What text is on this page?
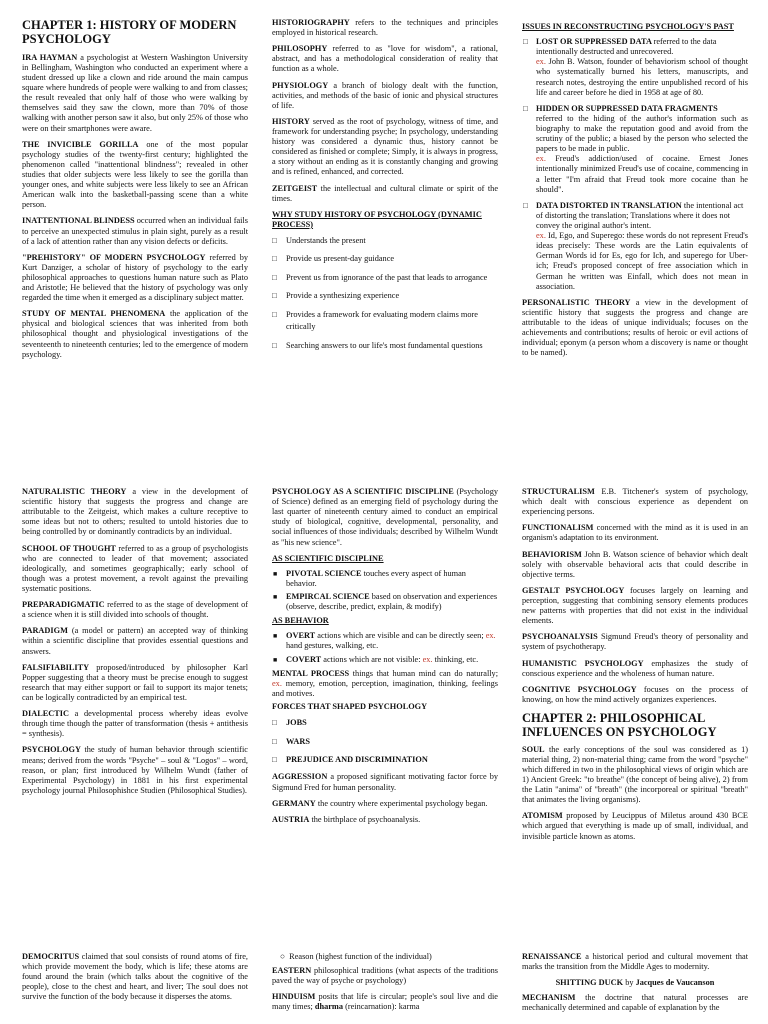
CHAPTER 1: HISTORY OF MODERN PSYCHOLOGY

IRA HAYMAN a psychologist at Western Washington University in Bellingham, Washington who conducted an experiment where a student dressed up like a clown and ride around the main campus square where hundreds of people were walking to and from classes; the result revealed that only half of those who were walking by themselves said they saw the clown, more than 70% of those walking with another person saw it also, but only 25% of those who were on their smartphones were aware.

THE INVICIBLE GORILLA one of the most popular psychology studies of the twenty-first century; highlighted the phenomenon called "inattentional blindness"; revealed in other studies that older subjects were less likely to see the gorilla than younger ones, and white subjects were less likely to see an African American walk into the basketball-passing scene than a white person.

INATTENTIONAL BLINDESS occurred when an individual fails to perceive an unexpected stimulus in plain sight, purely as a result of a lack of attention rather than any vision defects or deficits.

"PREHISTORY" OF MODERN PSYCHOLOGY referred by Kurt Danziger, a scholar of history of psychology to the early philosophical approaches to questions human nature such as Plato and Aristotle; He believed that the history of psychology was only regarded the time when it emerged as a disciplinary subject matter.

STUDY OF MENTAL PHENOMENA the application of the physical and biological sciences that was inherited from both philosophical thought and physiological investigations of the seventeenth to nineteenth centuries; led to the emergence of modern psychology.

HISTORIOGRAPHY refers to the techniques and principles employed in historical research.

PHILOSOPHY referred to as "love for wisdom", a rational, abstract, and has a methodological consideration of reality that function as a whole.

PHYSIOLOGY a branch of biology dealt with the function, activities, and methods of the basic of ionic and physical structures of life.

HISTORY served as the root of psychology, witness of time, and framework for understanding psyche; In psychology, understanding history was considered a dynamic thus, history cannot be considered as finished or complete; Simply, it is always in progress, a story without an ending as it is constantly changing and growing and is refined, enhanced, and corrected.

ZEITGEIST the intellectual and cultural climate or spirit of the times.

WHY STUDY HISTORY OF PSYCHOLOGY (DYNAMIC PROCESS)
□ Understands the present
□ Provide us present-day guidance
□ Prevent us from ignorance of the past that leads to arrogance
□ Provide a synthesizing experience
□ Provides a framework for evaluating modern claims more critically
□ Searching answers to our life's most fundamental questions
ISSUES IN RECONSTRUCTING PSYCHOLOGY'S PAST
□ LOST OR SUPPRESSED DATA referred to the data intentionally destructed and unrecovered.
ex. John B. Watson, founder of behaviorism school of thought who systematically burned his letters, manuscripts, and research notes, destroying the entire unpublished record of his life and career before he died in 1958 at age of 80.
□ HIDDEN OR SUPPRESSED DATA FRAGMENTS
referred to the hiding of the author's information such as biography to make the reputation good and avoid from the scrutiny of the public; a biased by the person who selected the papers to be made in public.
ex. Freud's addiction/used of cocaine. Ernest Jones intentionally minimized Freud's use of cocaine, commencing in a letter "I'm afraid that Freud took more cocaine than he should".
□ DATA DISTORTED IN TRANSLATION the intentional act of distorting the translation; Translations where it does not convey the original author's intent.
ex. Id, Ego, and Superego: these words do not represent Freud's ideas precisely: These words are the Latin equivalents of German Words id for Es, ego for Ich, and superego for Uber-ich; Freud's proposed concept of free association which in German he written was Einfall, which does not mean in association.

PERSONALISTIC THEORY a view in the development of scientific history that suggests the progress and change are attributable to the ideas of unique individuals; focuses on the achievements and contributions; results of heroic or evil actions of individual; eponym (a person whom a discovery is name or thought to be named).

NATURALISTIC THEORY a view in the development of scientific history that suggests the progress and change are attributable to the Zeitgeist, which makes a culture receptive to some ideas but not to others; resulted to untold histories due to being controlled by or dominantly contradicts by an individual.

SCHOOL OF THOUGHT referred to as a group of psychologists who are connected to leader of that movement; associated ideologically, and sometimes geographically; early school of though was a protest movement, a revolt against the prevailing systematic positions.

PREPARADIGMATIC referred to as the stage of development of a science when it is still divided into schools of thought.

PARADIGM (a model or pattern) an accepted way of thinking within a scientific discipline that provides essential questions and answers.

FALSIFIABILITY proposed/introduced by philosopher Karl Popper suggesting that a theory must be precise enough to suggest research that may either support or fail to support its major tenets; can be logically contradicted by an empirical test.

DIALECTIC a developmental process whereby ideas evolve through time though the patter of transformation (thesis + antithesis = synthesis).

PSYCHOLOGY the study of human behavior through scientific means; derived from the words "Psyche" – soul & "Logos" – word, reason, or plan; first introduced by Wilhelm Wundt (father of Experimental Psychology) in 1881 in his first experimental psychology journal Philosophishce Studien (Philosophical Studies).

PSYCHOLOGY AS A SCIENTIFIC DISCIPLINE (Psychology of Science) defined as an emerging field of psychology during the last quarter of nineteenth century aimed to conduct an empirical study of biological, cognitive, developmental, personality, and social influences of those individuals; described by Wilhelm Wundt as "his new science".

AS SCIENTIFIC DISCIPLINE
■ PIVOTAL SCIENCE touches every aspect of human behavior.
■ EMPIRCAL SCIENCE based on observation and experiences (observe, describe, predict, explain, & modify)
AS BEHAVIOR
■ OVERT actions which are visible and can be directly seen; ex. hand gestures, walking, etc.
■ COVERT actions which are not visible: ex. thinking, etc.

MENTAL PROCESS things that human mind can do naturally; ex. memory, emotion, perception, imagination, thinking, feelings and motives.

FORCES THAT SHAPED PSYCHOLOGY
□ JOBS
□ WARS
□ PREJUDICE AND DISCRIMINATION

AGGRESSION a proposed significant motivating factor force by Sigmund Fred for human personality.

GERMANY the country where experimental psychology began.

AUSTRIA the birthplace of psychoanalysis.

STRUCTURALISM E.B. Titchener's system of psychology, which dealt with conscious experience as dependent on experiencing persons.

FUNCTIONALISM concerned with the mind as it is used in an organism's adaptation to its environment.

BEHAVIORISM John B. Watson science of behavior which dealt solely with observable behavioral acts that could describe in objective terms.

GESTALT PSYCHOLOGY focuses largely on learning and perception, suggesting that combining sensory elements produces new patterns with properties that did not exist in the individual elements.

PSYCHOANALYSIS Sigmund Freud's theory of personality and system of psychotherapy.

HUMANISTIC PSYCHOLOGY emphasizes the study of conscious experience and the wholeness of human nature.

COGNITIVE PSYCHOLOGY focuses on the process of knowing, on how the mind actively organizes experiences.

CHAPTER 2: PHILOSOPHICAL INFLUENCES ON PSYCHOLOGY

SOUL the early conceptions of the soul was considered as 1) material thing, 2) non-material thing; came from the word "psyche" which differed in two in the philosophical views of origin which are 1) Ancient Greek: "to breathe" (the concept of being alive), 2) from the Latin "anima" of "breath" (the incorporeal or spiritual "breath" that animates the living organisms).

ATOMISM proposed by Leucippus of Miletus around 430 BCE which argued that everything is made up of small, individual, and invisible particle known as atoms.

DEMOCRITUS claimed that soul consists of round atoms of fire, which provide movement the body, which is life; these atoms are found around the brain (which talks about the cognitive of the people), close to the chest and heart, and liver; The soul does not survive the function of the body because it disperses the atoms.

○ Reason (highest function of the individual)

EASTERN philosophical traditions (what aspects of the traditions paved the way of psyche or psychology)

HINDUISM posits that life is circular; people's soul live and die many times; dharma (reincarnation): karma

RENAISSANCE a historical period and cultural movement that marks the transition from the Middle Ages to modernity.

SHITTING DUCK by Jacques de Vaucanson

MECHANISM the doctrine that natural processes are mechanically determined and capable of explanation by the
